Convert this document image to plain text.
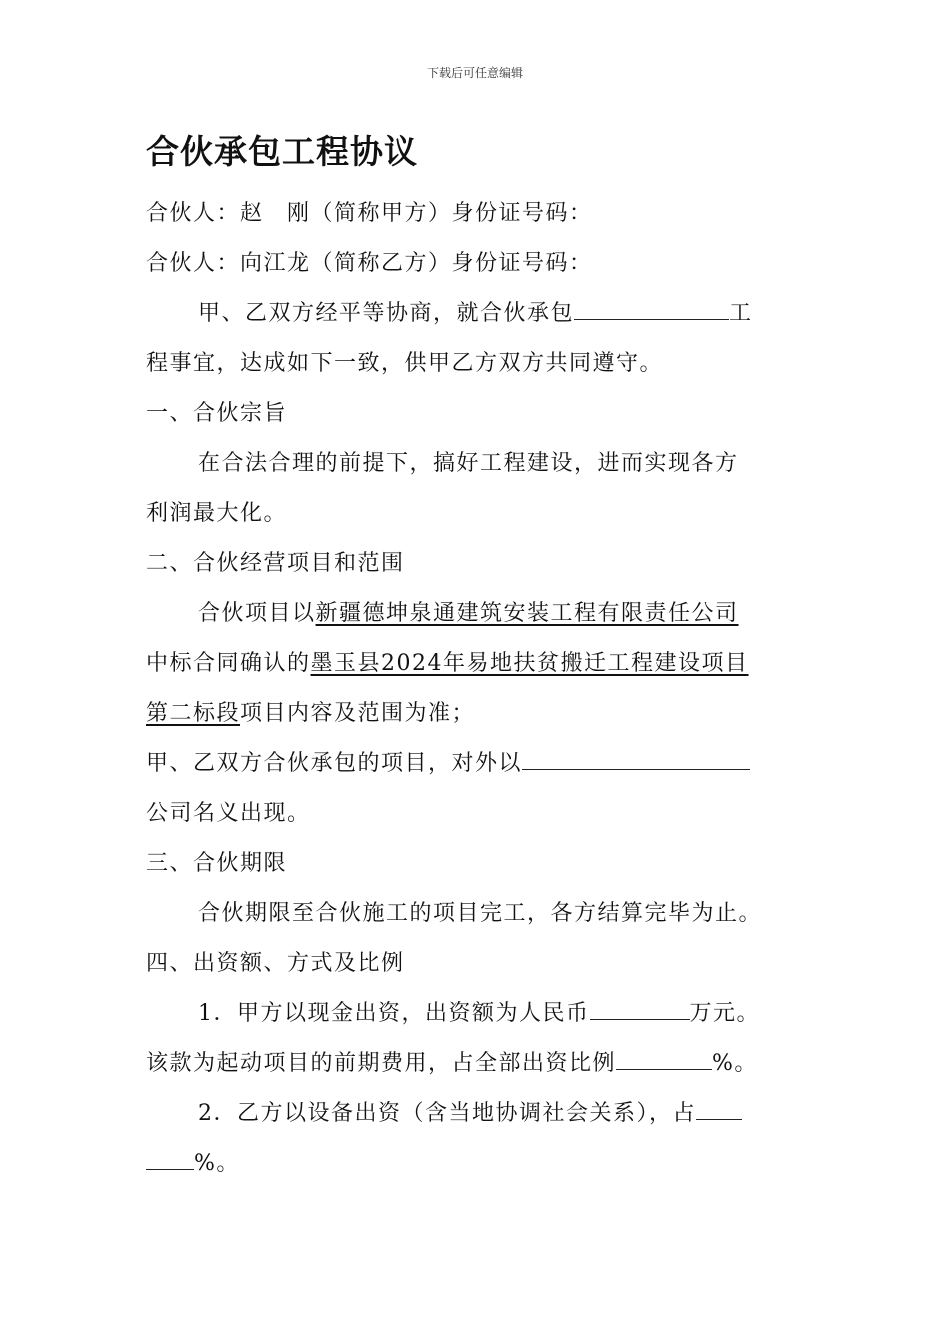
下载后可任意编辑
合伙承包工程协议
合伙人：赵　刚（简称甲方）身份证号码：
合伙人：向江龙（简称乙方）身份证号码：
甲、乙双方经平等协商，就合伙承包	工
程事宜，达成如下一致，供甲乙方双方共同遵守。
一、合伙宗旨
在合法合理的前提下，搞好工程建设，进而实现各方
利润最大化。
二、合伙经营项目和范围
合伙项目以新疆德坤泉通建筑安装工程有限责任公司
中标合同确认的墨玉县2024年易地扶贫搬迁工程建设项目
第二标段项目内容及范围为准；
甲、乙双方合伙承包的项目，对外以
公司名义出现。
三、合伙期限
合伙期限至合伙施工的项目完工，各方结算完毕为止。
四、出资额、方式及比例
1．甲方以现金出资，出资额为人民币	万元。
该款为起动项目的前期费用，占全部出资比例	%。
2．乙方以设备出资（含当地协调社会关系），占
%。
